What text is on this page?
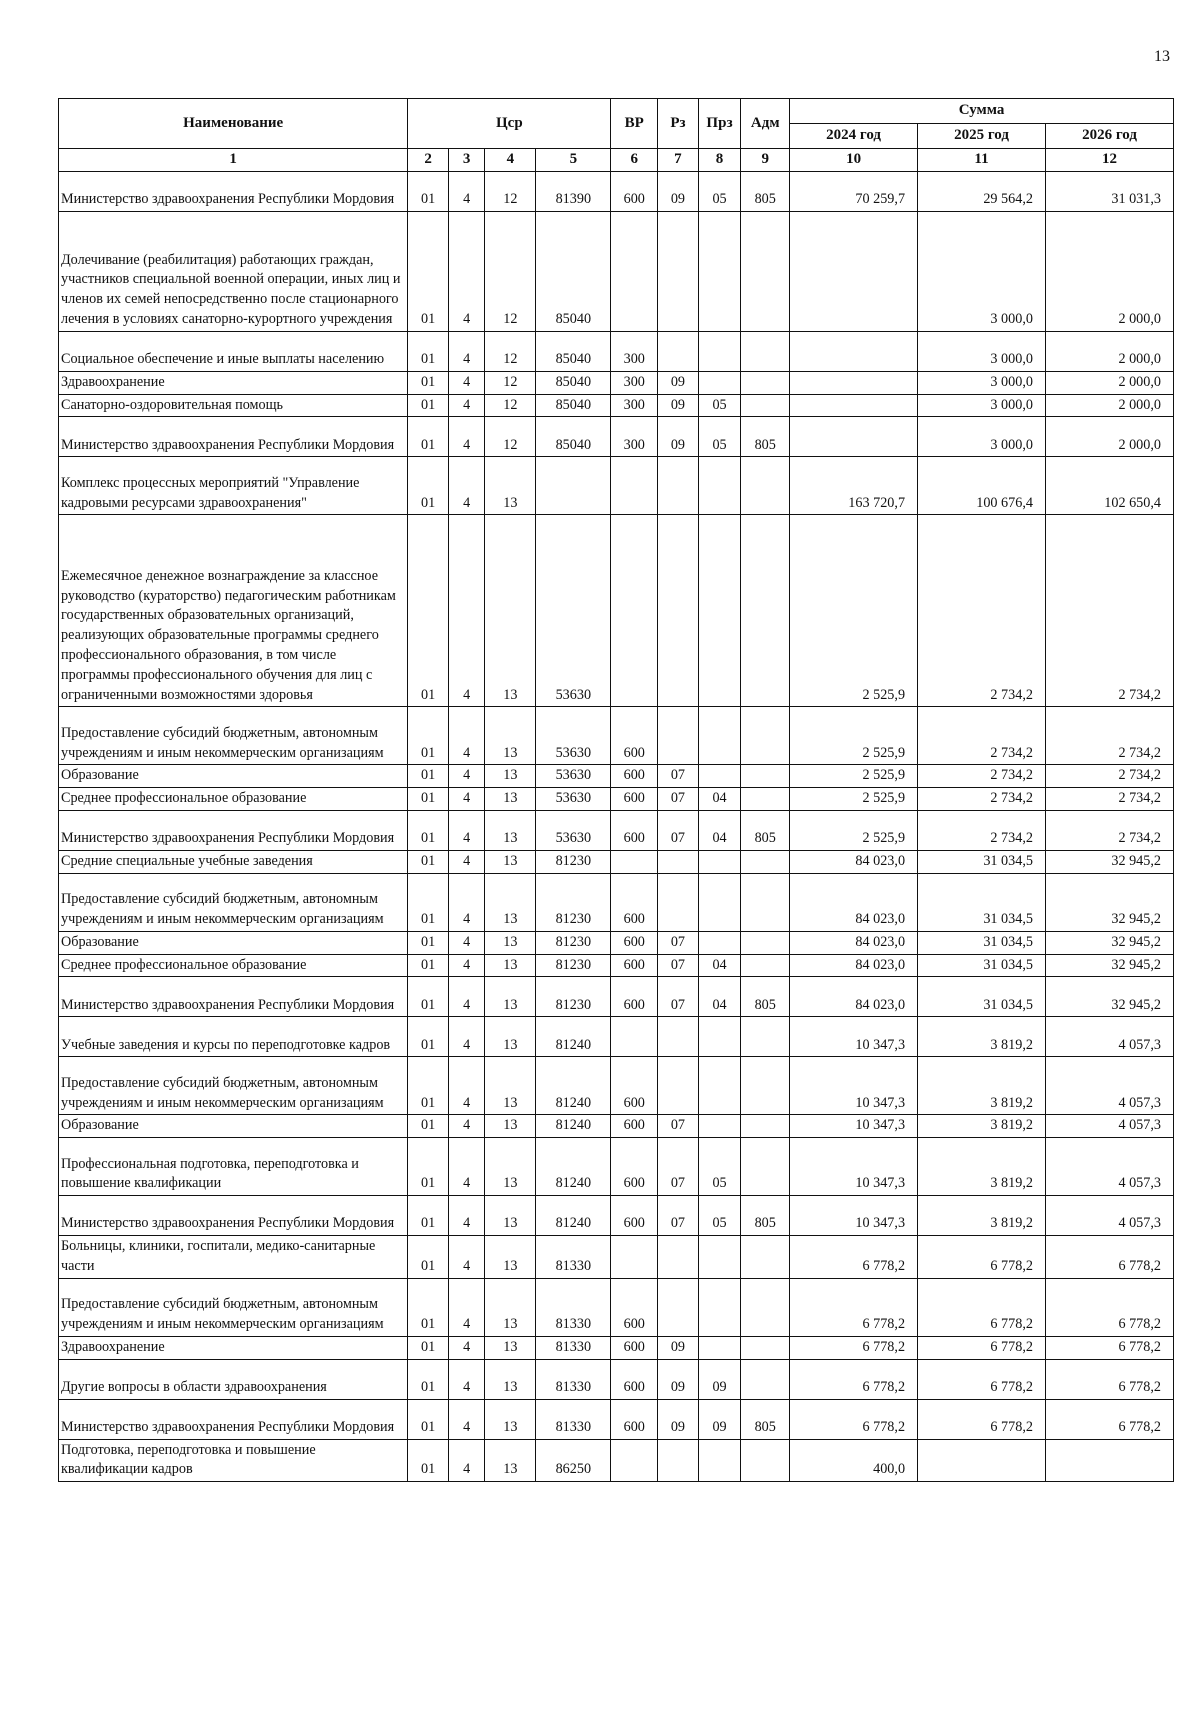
13
Наименование	Цср				ВР	Рз	Прз	Адм	Сумма		
									2024 год	2025 год	2026 год
1	2	3	4	5	6	7	8	9	10	11	12
Министерство здравоохранения Республики Мордовия	01	4	12	81390	600	09	05	805	70 259,7	29 564,2	31 031,3
Долечивание (реабилитация) работающих граждан, участников специальной военной операции, иных лиц и членов их семей непосредственно после стационарного лечения в условиях санаторно-курортного учреждения	01	4	12	85040						3 000,0	2 000,0
Социальное обеспечение и иные выплаты населению	01	4	12	85040	300					3 000,0	2 000,0
Здравоохранение	01	4	12	85040	300	09				3 000,0	2 000,0
Санаторно-оздоровительная помощь	01	4	12	85040	300	09	05			3 000,0	2 000,0
Министерство здравоохранения Республики Мордовия	01	4	12	85040	300	09	05	805		3 000,0	2 000,0
Комплекс процессных мероприятий "Управление кадровыми ресурсами здравоохранения"	01	4	13						163 720,7	100 676,4	102 650,4
Ежемесячное денежное вознаграждение за классное руководство (кураторство) педагогическим работникам государственных образовательных организаций, реализующих образовательные программы среднего профессионального образования, в том числе программы профессионального обучения для лиц с ограниченными возможностями здоровья	01	4	13	53630					2 525,9	2 734,2	2 734,2
Предоставление субсидий бюджетным, автономным учреждениям и иным некоммерческим организациям	01	4	13	53630	600				2 525,9	2 734,2	2 734,2
Образование	01	4	13	53630	600	07			2 525,9	2 734,2	2 734,2
Среднее профессиональное образование	01	4	13	53630	600	07	04		2 525,9	2 734,2	2 734,2
Министерство здравоохранения Республики Мордовия	01	4	13	53630	600	07	04	805	2 525,9	2 734,2	2 734,2
Средние специальные учебные заведения	01	4	13	81230					84 023,0	31 034,5	32 945,2
Предоставление субсидий бюджетным, автономным учреждениям и иным некоммерческим организациям	01	4	13	81230	600				84 023,0	31 034,5	32 945,2
Образование	01	4	13	81230	600	07			84 023,0	31 034,5	32 945,2
Среднее профессиональное образование	01	4	13	81230	600	07	04		84 023,0	31 034,5	32 945,2
Министерство здравоохранения Республики Мордовия	01	4	13	81230	600	07	04	805	84 023,0	31 034,5	32 945,2
Учебные заведения и курсы по переподготовке кадров	01	4	13	81240					10 347,3	3 819,2	4 057,3
Предоставление субсидий бюджетным, автономным учреждениям и иным некоммерческим организациям	01	4	13	81240	600				10 347,3	3 819,2	4 057,3
Образование	01	4	13	81240	600	07			10 347,3	3 819,2	4 057,3
Профессиональная подготовка, переподготовка и повышение квалификации	01	4	13	81240	600	07	05		10 347,3	3 819,2	4 057,3
Министерство здравоохранения Республики Мордовия	01	4	13	81240	600	07	05	805	10 347,3	3 819,2	4 057,3
Больницы, клиники, госпитали, медико-санитарные части	01	4	13	81330					6 778,2	6 778,2	6 778,2
Предоставление субсидий бюджетным, автономным учреждениям и иным некоммерческим организациям	01	4	13	81330	600				6 778,2	6 778,2	6 778,2
Здравоохранение	01	4	13	81330	600	09			6 778,2	6 778,2	6 778,2
Другие вопросы в области здравоохранения	01	4	13	81330	600	09	09		6 778,2	6 778,2	6 778,2
Министерство здравоохранения Республики Мордовия	01	4	13	81330	600	09	09	805	6 778,2	6 778,2	6 778,2
Подготовка, переподготовка и повышение квалификации кадров	01	4	13	86250					400,0		
